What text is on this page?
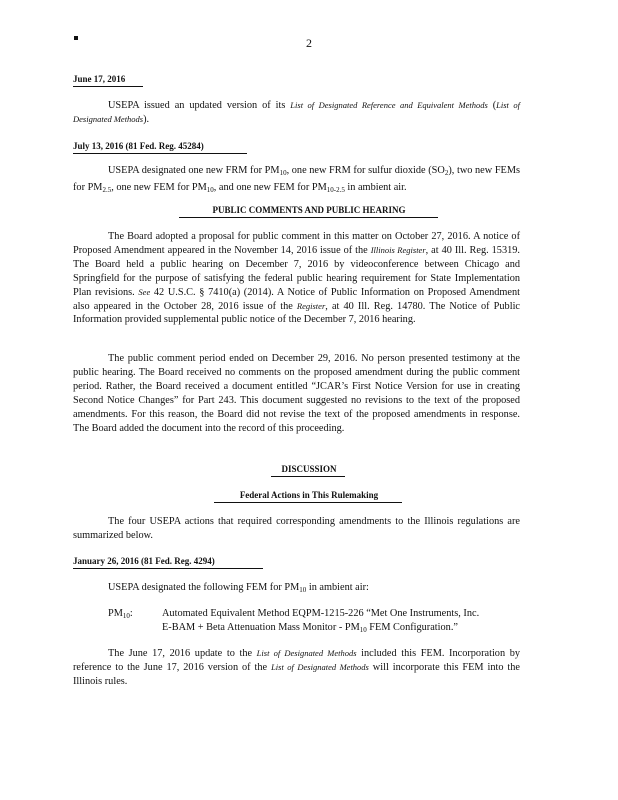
2
June 17, 2016
USEPA issued an updated version of its List of Designated Reference and Equivalent Methods (List of Designated Methods).
July 13, 2016 (81 Fed. Reg. 45284)
USEPA designated one new FRM for $PM_{10}$, one new FRM for sulfur dioxide $(SO_2)$, two new FEMs for $PM_{2.5}$, one new FEM for $PM_{10}$, and one new FEM for $PM_{10-2.5}$ in ambient air.
PUBLIC COMMENTS AND PUBLIC HEARING
The Board adopted a proposal for public comment in this matter on October 27, 2016. A notice of Proposed Amendment appeared in the November 14, 2016 issue of the Illinois Register, at 40 Ill. Reg. 15319. The Board held a public hearing on December 7, 2016 by videoconference between Chicago and Springfield for the purpose of satisfying the federal public hearing requirement for State Implementation Plan revisions. See 42 U.S.C. § 7410(a) (2014). A Notice of Public Information on Proposed Amendment also appeared in the October 28, 2016 issue of the Register, at 40 Ill. Reg. 14780. The Notice of Public Information provided supplemental public notice of the December 7, 2016 hearing.
The public comment period ended on December 29, 2016. No person presented testimony at the public hearing. The Board received no comments on the proposed amendment during the public comment period. Rather, the Board received a document entitled “JCAR’s First Notice Version for use in creating Second Notice Changes” for Part 243. This document suggested no revisions to the text of the proposed amendments. For this reason, the Board did not revise the text of the proposed amendments in response. The Board added the document into the record of this proceeding.
DISCUSSION
Federal Actions in This Rulemaking
The four USEPA actions that required corresponding amendments to the Illinois regulations are summarized below.
January 26, 2016 (81 Fed. Reg. 4294)
USEPA designated the following FEM for $PM_{10}$ in ambient air:
$PM_{10}$:	Automated Equivalent Method EQPM-1215-226 “Met One Instruments, Inc.
E-BAM + Beta Attenuation Mass Monitor - $PM_{10}$ FEM Configuration.”
The June 17, 2016 update to the List of Designated Methods included this FEM. Incorporation by reference to the June 17, 2016 version of the List of Designated Methods will incorporate this FEM into the Illinois rules.
